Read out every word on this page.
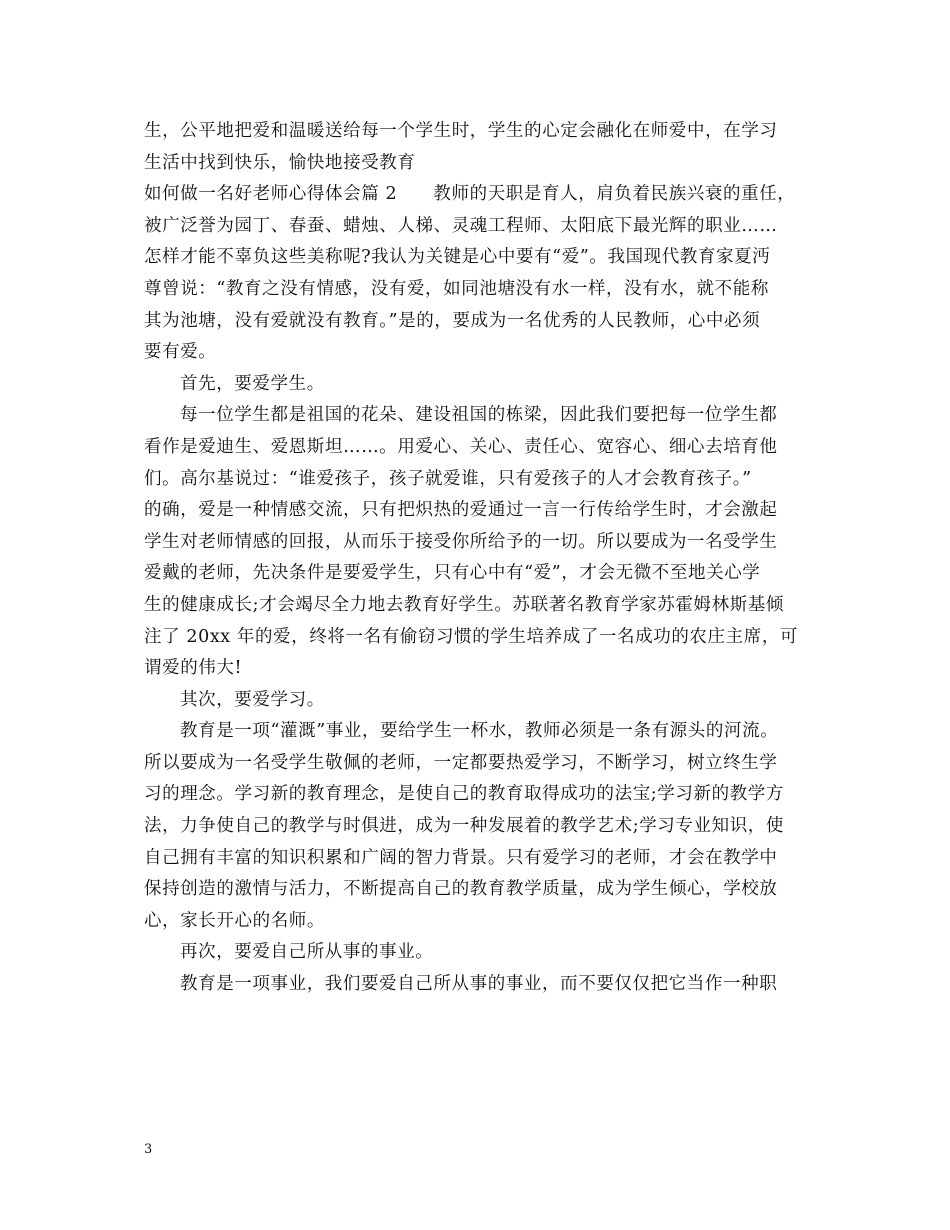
生，公平地把爱和温暖送给每一个学生时，学生的心定会融化在师爱中，在学习
生活中找到快乐，愉快地接受教育
如何做一名好老师心得体会篇 2　　教师的天职是育人，肩负着民族兴衰的重任，
被广泛誉为园丁、春蚕、蜡烛、人梯、灵魂工程师、太阳底下最光辉的职业……
怎样才能不辜负这些美称呢?我认为关键是心中要有“爱”。我国现代教育家夏沔
尊曾说：“教育之没有情感，没有爱，如同池塘没有水一样，没有水，就不能称
其为池塘，没有爱就没有教育。”是的，要成为一名优秀的人民教师，心中必须
要有爱。
首先，要爱学生。
每一位学生都是祖国的花朵、建设祖国的栋梁，因此我们要把每一位学生都
看作是爱迪生、爱恩斯坦……。用爱心、关心、责任心、宽容心、细心去培育他
们。高尔基说过：“谁爱孩子，孩子就爱谁，只有爱孩子的人才会教育孩子。”
的确，爱是一种情感交流，只有把炽热的爱通过一言一行传给学生时，才会激起
学生对老师情感的回报，从而乐于接受你所给予的一切。所以要成为一名受学生
爱戴的老师，先决条件是要爱学生，只有心中有“爱”，才会无微不至地关心学
生的健康成长;才会竭尽全力地去教育好学生。苏联著名教育学家苏霍姆林斯基倾
注了 20xx 年的爱，终将一名有偷窃习惯的学生培养成了一名成功的农庄主席，可
谓爱的伟大!
其次，要爱学习。
教育是一项“灌溉”事业，要给学生一杯水，教师必须是一条有源头的河流。
所以要成为一名受学生敬佩的老师，一定都要热爱学习，不断学习，树立终生学
习的理念。学习新的教育理念，是使自己的教育取得成功的法宝;学习新的教学方
法，力争使自己的教学与时俱进，成为一种发展着的教学艺术;学习专业知识，使
自己拥有丰富的知识积累和广阔的智力背景。只有爱学习的老师，才会在教学中
保持创造的激情与活力，不断提高自己的教育教学质量，成为学生倾心，学校放
心，家长开心的名师。
再次，要爱自己所从事的事业。
教育是一项事业，我们要爱自己所从事的事业，而不要仅仅把它当作一种职
3
